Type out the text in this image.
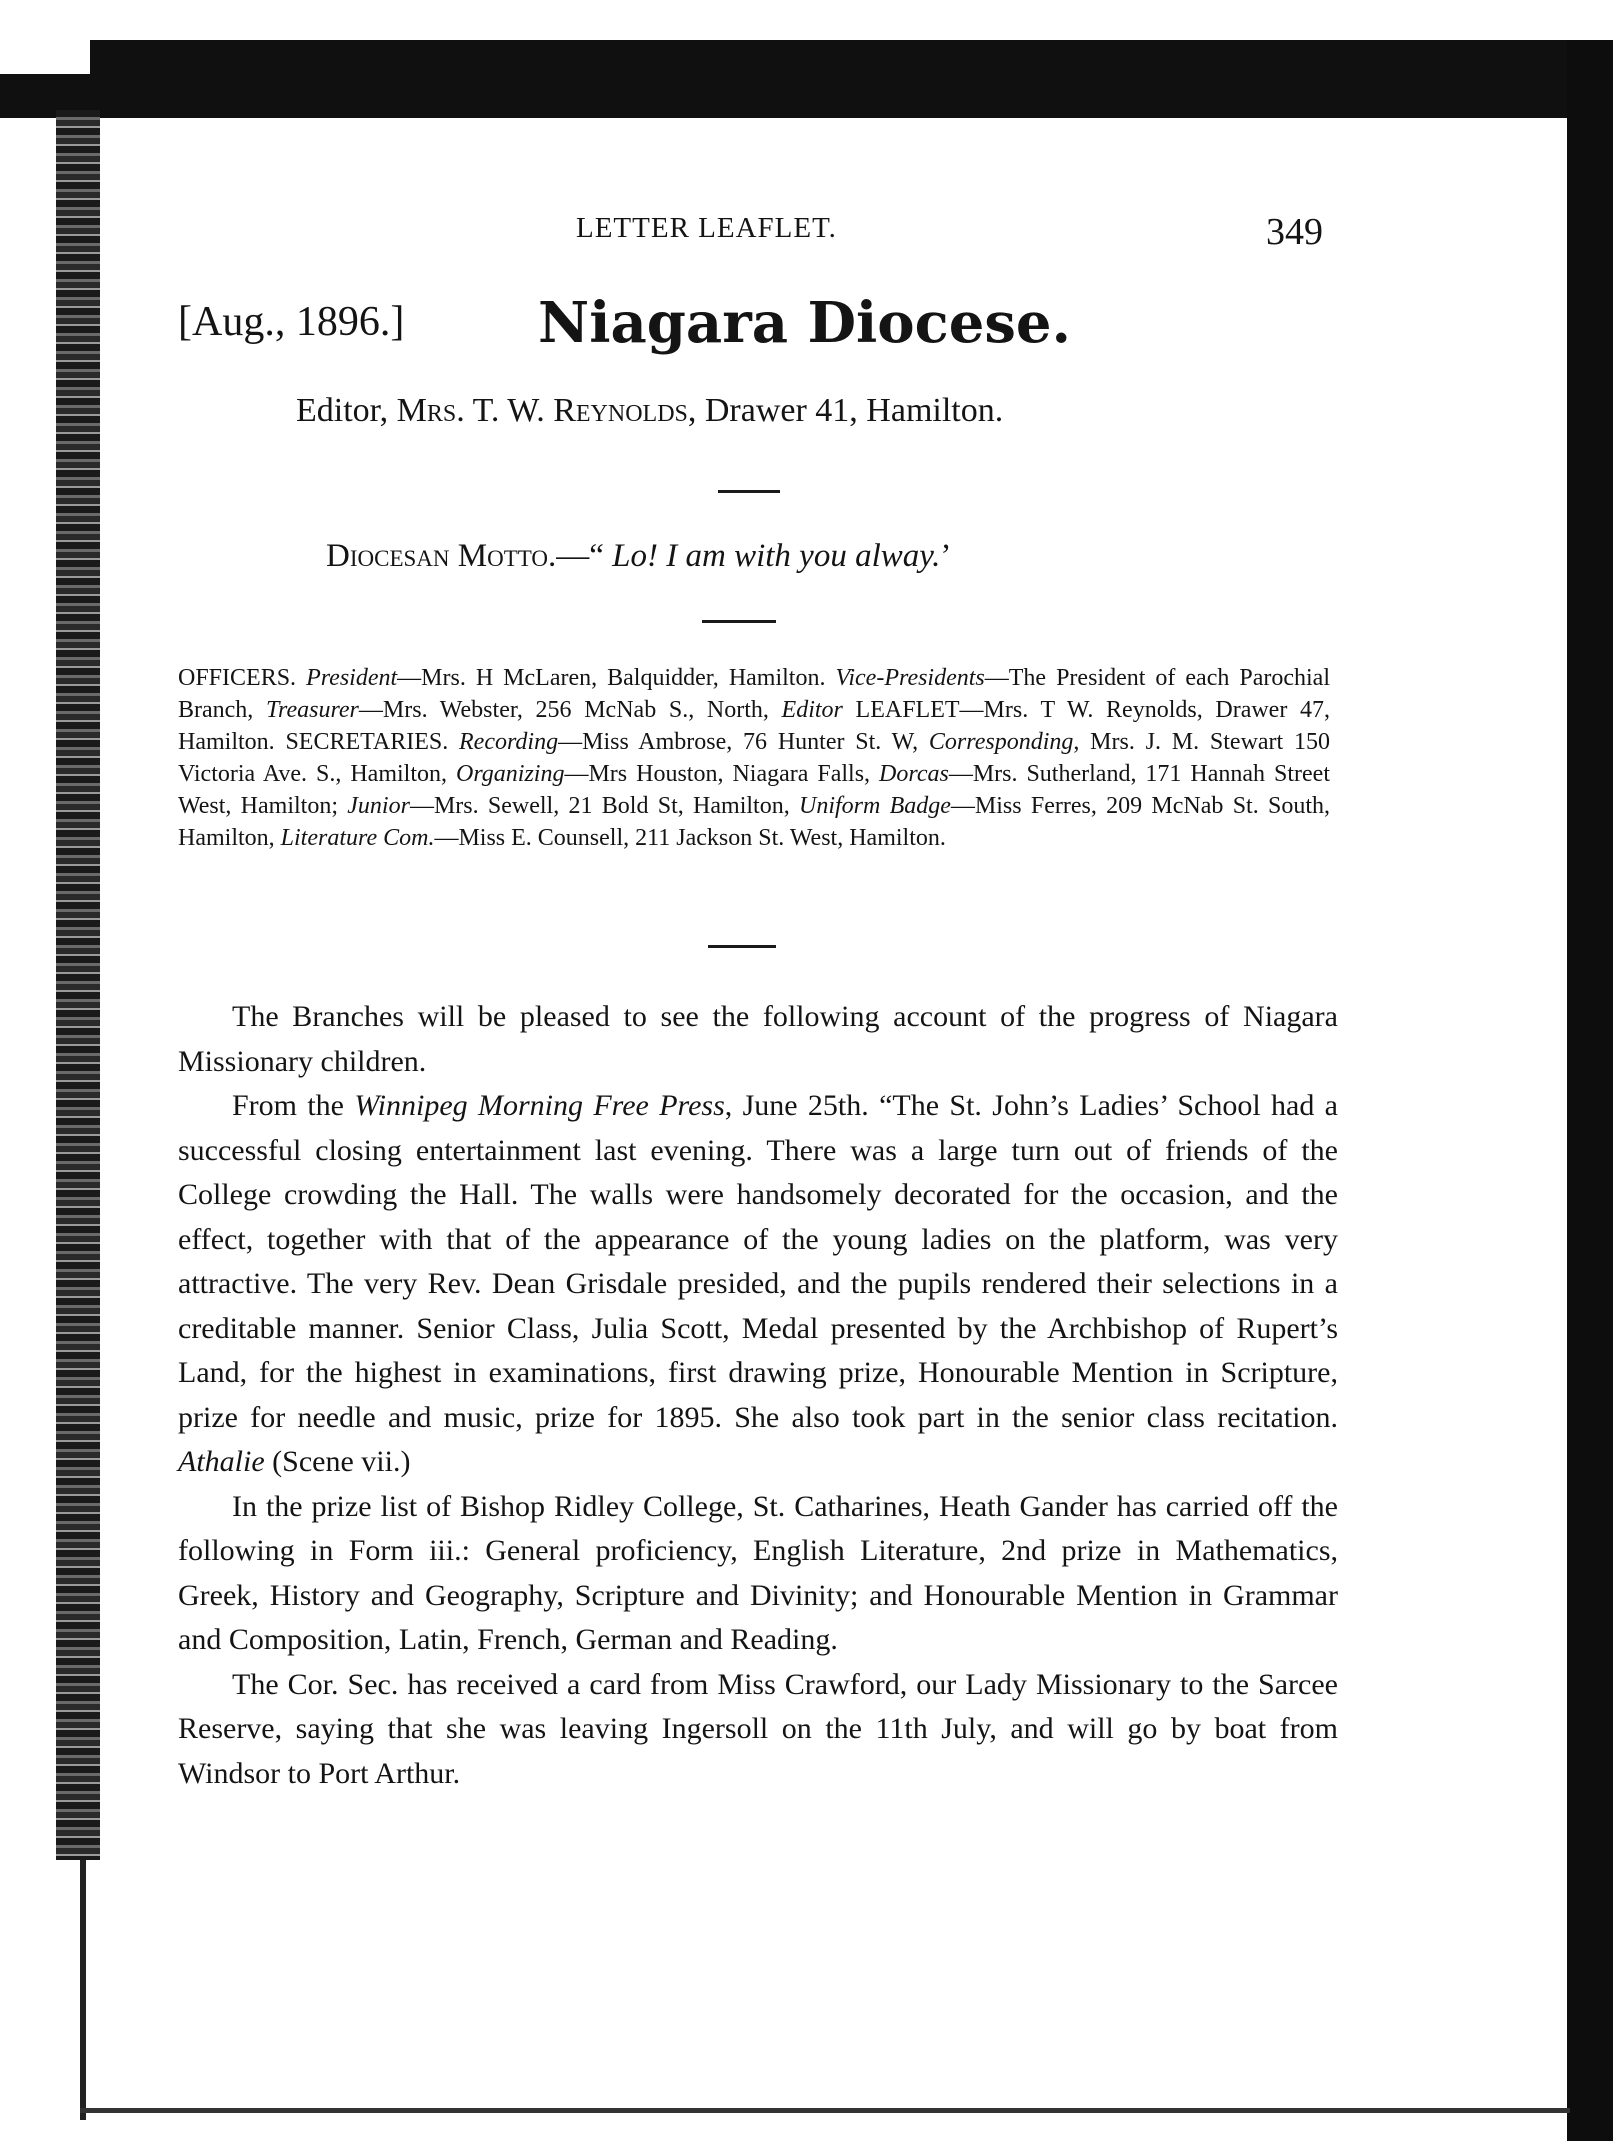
LETTER LEAFLET.	349
[Aug., 1896.] Niagara Diocese.
Editor, Mrs. T. W. Reynolds, Drawer 41, Hamilton.
Diocesan Motto.—“ Lo! I am with you alway.’
OFFICERS. President—Mrs. H McLaren, Balquidder, Hamilton. Vice-Presidents—The President of each Parochial Branch, Treasurer—Mrs. Webster, 256 McNab S., North, Editor LEAFLET—Mrs. T W. Reynolds, Drawer 47, Hamilton. SECRETARIES. Recording—Miss Ambrose, 76 Hunter St. W, Corresponding, Mrs. J. M. Stewart 150 Victoria Ave. S., Hamilton, Organizing—Mrs Houston, Niagara Falls, Dorcas—Mrs. Sutherland, 171 Hannah Street West, Hamilton; Junior—Mrs. Sewell, 21 Bold St, Hamilton, Uniform Badge—Miss Ferres, 209 McNab St. South, Hamilton, Literature Com.—Miss E. Counsell, 211 Jackson St. West, Hamilton.

The Branches will be pleased to see the following account of the progress of Niagara Missionary children.

From the Winnipeg Morning Free Press, June 25th. “The St. John’s Ladies’ School had a successful closing entertainment last evening. There was a large turn out of friends of the College crowding the Hall. The walls were handsomely decorated for the occasion, and the effect, together with that of the appearance of the young ladies on the platform, was very attractive. The very Rev. Dean Grisdale presided, and the pupils rendered their selections in a creditable manner. Senior Class, Julia Scott, Medal presented by the Archbishop of Rupert’s Land, for the highest in examinations, first drawing prize, Honourable Mention in Scripture, prize for needle and music, prize for 1895. She also took part in the senior class recitation. Athalie (Scene vii.)

In the prize list of Bishop Ridley College, St. Catharines, Heath Gander has carried off the following in Form iii.: General proficiency, English Literature, 2nd prize in Mathematics, Greek, History and Geography, Scripture and Divinity; and Honourable Mention in Grammar and Composition, Latin, French, German and Reading.

The Cor. Sec. has received a card from Miss Crawford, our Lady Missionary to the Sarcee Reserve, saying that she was leaving Ingersoll on the 11th July, and will go by boat from Windsor to Port Arthur.
